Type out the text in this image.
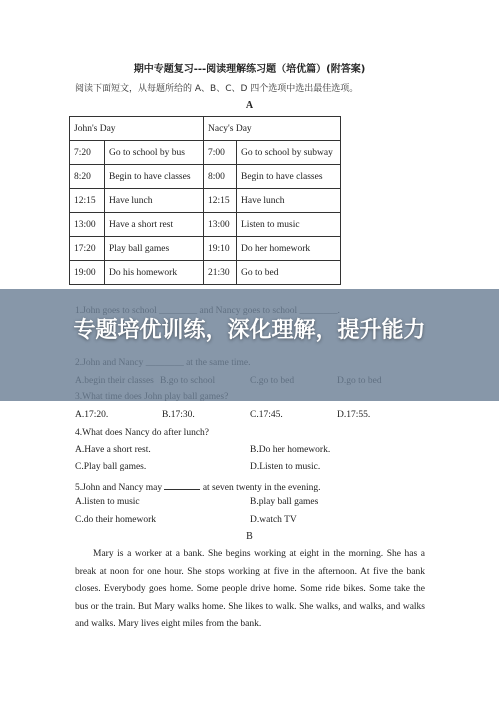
期中专题复习---阅读理解练习题（培优篇）(附答案)
阅读下面短文，从每题所给的 A、B、C、D 四个选项中选出最佳选项。
A
John's Day		Nacy's Day	
7:20	Go to school by bus	7:00	Go to school by subway
8:20	Begin to have classes	8:00	Begin to have classes
12:15	Have lunch	12:15	Have lunch
13:00	Have a short rest	13:00	Listen to music
17:20	Play ball games	19:10	Do her homework
19:00	Do his homework	21:30	Go to bed
A.17:20.	B.17:30.	C.17:45.	D.17:55.
4.What does Nancy do after lunch?
A.Have a short rest.	B.Do her homework.
C.Play ball games.	D.Listen to music.
5.John and Nancy may	at seven twenty in the evening.
A.listen to music	B.play ball games
C.do their homework	D.watch TV
B

Mary is a worker at a bank. She begins working at eight in the morning. She has a break at noon for one hour. She stops working at five in the afternoon. At five the bank closes. Everybody goes home. Some people drive home. Some ride bikes. Some take the bus or the train. But Mary walks home. She likes to walk. She walks, and walks, and walks and walks. Mary lives eight miles from the bank.

专题培优训练，深化理解，提升能力
